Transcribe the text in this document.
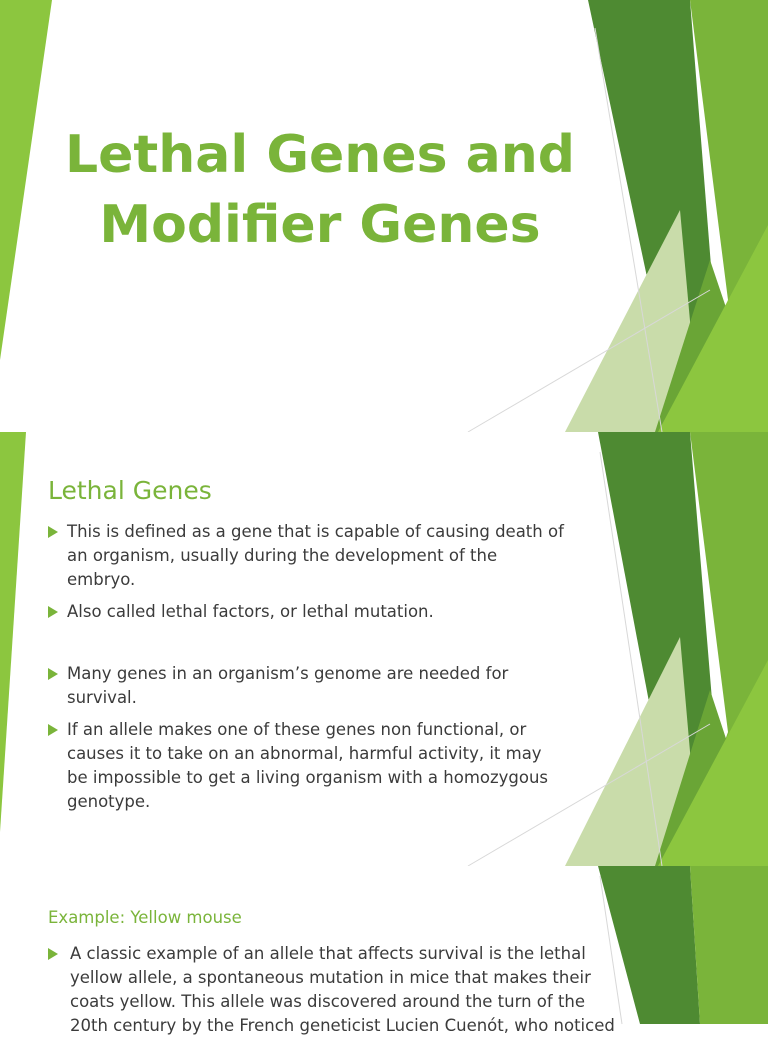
Lethal Genes and
Modifier Genes
Lethal Genes
This is defined as a gene that is capable of causing death of an organism, usually during the development of the embryo.
Also called lethal factors, or lethal mutation.
Many genes in an organism’s genome are needed for survival.
If an allele makes one of these genes non functional, or causes it to take on an abnormal, harmful activity, it may be impossible to get a living organism with a homozygous genotype.
Example: Yellow mouse
A classic example of an allele that affects survival is the lethal yellow allele, a spontaneous mutation in mice that makes their coats yellow. This allele was discovered around the turn of the 20th century by the French geneticist Lucien Cuenót, who noticed
